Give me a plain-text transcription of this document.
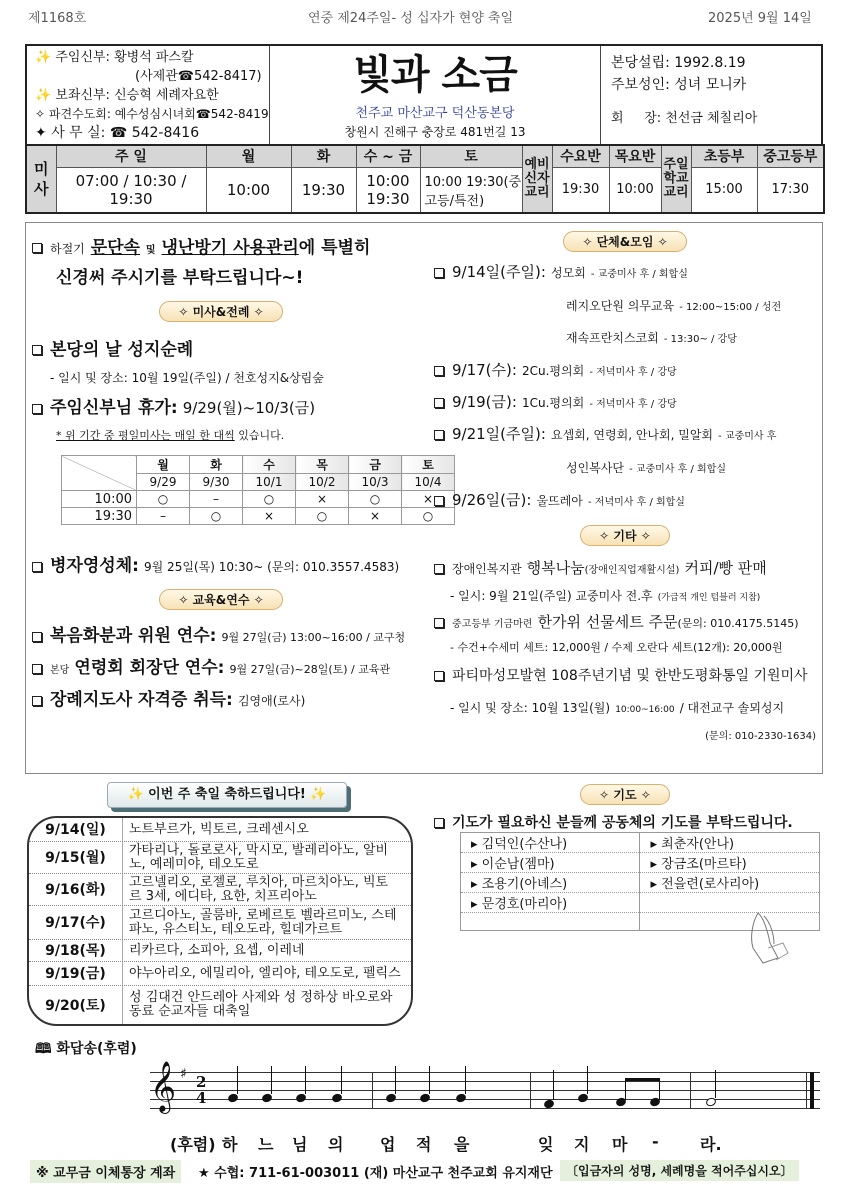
제1168호	연중 제24주일- 성 십자가 현양 축일	2025년 9월 14일
✨ 주임신부: 황병석 파스칼
(사제관☎542-8417)
✨ 보좌신부: 신승혁 세례자요한
✧ 파견수도회: 예수성심시녀회☎542-8419
✦ 사 무 실: ☎ 542-8416
빛과 소금
천주교 마산교구 덕산동본당
창원시 진해구 충장로 481번길 13
본당설립: 1992.8.19
주보성인: 성녀 모니카
회     장: 천선금 체칠리아
미사	주 일	월	화	수 ~ 금	토	예비신자 교리	수요반	목요반	주일학교 교리	초등부	중고등부
	07:00 / 10:30 / 19:30	10:00	19:30	10:00 19:30	10:00 19:30(중고등/특전)		19:30	10:00		15:00	17:30
하절기 문단속 및 냉난방기 사용관리에 특별히
신경써 주시기를 부탁드립니다~!
✧ 미사&전례 ✧
본당의 날 성지순례
- 일시 및 장소: 10월 19일(주일) / 천호성지&상림숲
주임신부님 휴가: 9/29(월)~10/3(금)
* 위 기간 중 평일미사는 매일 한 대씩 있습니다.
	월	화	수	목	금	토
	9/29	9/30	10/1	10/2	10/3	10/4
10:00	○	–	○	×	○	×
19:30	–	○	×	○	×	○
병자영성체: 9월 25일(목) 10:30~ (문의: 010.3557.4583)
✧ 교육&연수 ✧
복음화분과 위원 연수: 9월 27일(금) 13:00~16:00 / 교구청
본당 연령회 회장단 연수: 9월 27일(금)~28일(토) / 교육관
장례지도사 자격증 취득: 김영애(로사)
✧ 단체&모임 ✧
9/14일(주일): 성모회 - 교중미사 후 / 회합실
레지오단원 의무교육 - 12:00~15:00 / 성전
재속프란치스코회 - 13:30~ / 강당
9/17(수): 2Cu.평의회 - 저녁미사 후 / 강당
9/19(금): 1Cu.평의회 - 저녁미사 후 / 강당
9/21일(주일): 요셉회, 연령회, 안나회, 밀알회 - 교중미사 후
성인복사단 - 교중미사 후 / 회합실
9/26일(금): 울뜨레아 - 저녁미사 후 / 회합실
✧ 기타 ✧
장애인복지관 행복나눔(장애인직업재활시설) 커피/빵 판매
- 일시: 9월 21일(주일) 교중미사 전.후 (가급적 개인 텀블러 지참)
중고등부 기금마련 한가위 선물세트 주문(문의: 010.4175.5145)
- 수건+수세미 세트: 12,000원 / 수제 오란다 세트(12개): 20,000원
파티마성모발현 108주년기념 및 한반도평화통일 기원미사
- 일시 및 장소: 10월 13일(월) 10:00~16:00 / 대전교구 솔뫼성지
(문의: 010-2330-1634)
✨ 이번 주 축일 축하드립니다! ✨
9/14(일)	노트부르가, 빅토르, 크레센시오
9/15(월)	가타리나, 돌로로사, 막시모, 발레리아노, 알비노, 예레미야, 테오도로
9/16(화)	고르넬리오, 로젤로, 루치아, 마르치아노, 빅토르 3세, 에디타, 요한, 치프리아노
9/17(수)	고르디아노, 골룸바, 로베르토 벨라르미노, 스테파노, 유스티노, 테오도라, 힐데가르트
9/18(목)	리카르다, 소피아, 요셉, 이레네
9/19(금)	야누아리오, 에밀리아, 엘리야, 테오도로, 펠릭스
9/20(토)
성 김대건 안드레아 사제와 성 정하상 바오로와 동료 순교자들 대축일
✧ 기도 ✧
기도가 필요하신 분들께 공동체의 기도를 부탁드립니다.
▸ 김덕인(수산나)	▸ 최춘자(안나)
▸ 이순남(젬마)	▸ 장금조(마르타)
▸ 조용기(아녜스)	▸ 전을련(로사리아)
▸ 문경호(마리아)	

🕮 화답송(후렴)
𝄞 ♯ 2
4
(후렴) 하 느 님 의 업 적 을	잊 지 마 -	라.
※ 교무금 이체통장 계좌	★ 수협: 711-61-003011 (재) 마산교구 천주교회 유지재단	〔입금자의 성명, 세례명을 적어주십시오〕
